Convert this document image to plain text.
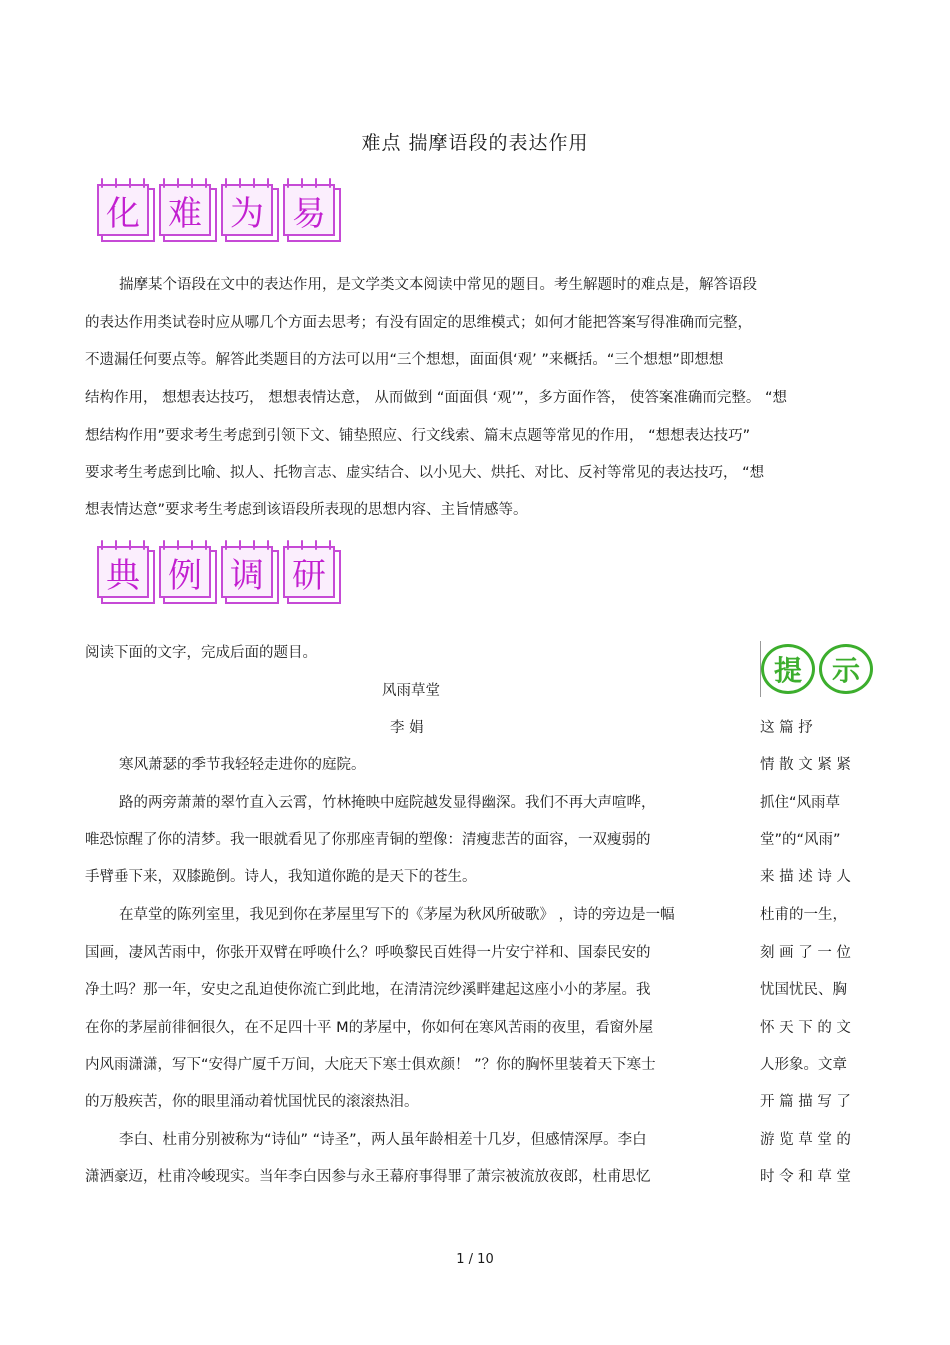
难点 揣摩语段的表达作用
化 难 为 易

揣摩某个语段在文中的表达作用，是文学类文本阅读中常见的题目。考生解题时的难点是，解答语段

的表达作用类试卷时应从哪几个方面去思考；有没有固定的思维模式；如何才能把答案写得准确而完整，

不遗漏任何要点等。解答此类题目的方法可以用“三个想想，面面俱‘观’ ”来概括。“三个想想”即想想

结构作用， 想想表达技巧， 想想表情达意， 从而做到 “面面俱 ‘观’”，多方面作答， 使答案准确而完整。 “想

想结构作用”要求考生考虑到引领下文、铺垫照应、行文线索、篇末点题等常见的作用， “想想表达技巧”

要求考生考虑到比喻、拟人、托物言志、虚实结合、以小见大、烘托、对比、反衬等常见的表达技巧， “想

想表情达意”要求考生考虑到该语段所表现的思想内容、主旨情感等。

典 例 调 研

阅读下面的文字，完成后面的题目。

提	示
风雨草堂
李 娟

寒风萧瑟的季节我轻轻走进你的庭院。

路的两旁萧萧的翠竹直入云霄，竹林掩映中庭院越发显得幽深。我们不再大声喧哗，

唯恐惊醒了你的清梦。我一眼就看见了你那座青铜的塑像：清瘦悲苦的面容，一双瘦弱的

手臂垂下来，双膝跪倒。诗人，我知道你跪的是天下的苍生。

在草堂的陈列室里，我见到你在茅屋里写下的《茅屋为秋风所破歌》 ，诗的旁边是一幅

国画，凄风苦雨中，你张开双臂在呼唤什么？呼唤黎民百姓得一片安宁祥和、国泰民安的

净土吗？那一年，安史之乱迫使你流亡到此地，在清清浣纱溪畔建起这座小小的茅屋。我

在你的茅屋前徘徊很久，在不足四十平 M的茅屋中，你如何在寒风苦雨的夜里，看窗外屋

内风雨潇潇，写下“安得广厦千万间，大庇天下寒士俱欢颜！ ”？你的胸怀里装着天下寒士

的万般疾苦，你的眼里涌动着忧国忧民的滚滚热泪。

李白、杜甫分别被称为“诗仙” “诗圣”，两人虽年龄相差十几岁，但感情深厚。李白

潇洒豪迈，杜甫冷峻现实。当年李白因参与永王幕府事得罪了萧宗被流放夜郎，杜甫思忆

这 篇 抒
情 散 文 紧 紧
抓住“风雨草
堂”的“风雨”
来 描 述 诗 人
杜甫的一生，
刻 画 了 一 位
忧国忧民、胸
怀 天 下 的 文
人形象。文章
开 篇 描 写 了
游 览 草 堂 的
时 令 和 草 堂
1 / 10
